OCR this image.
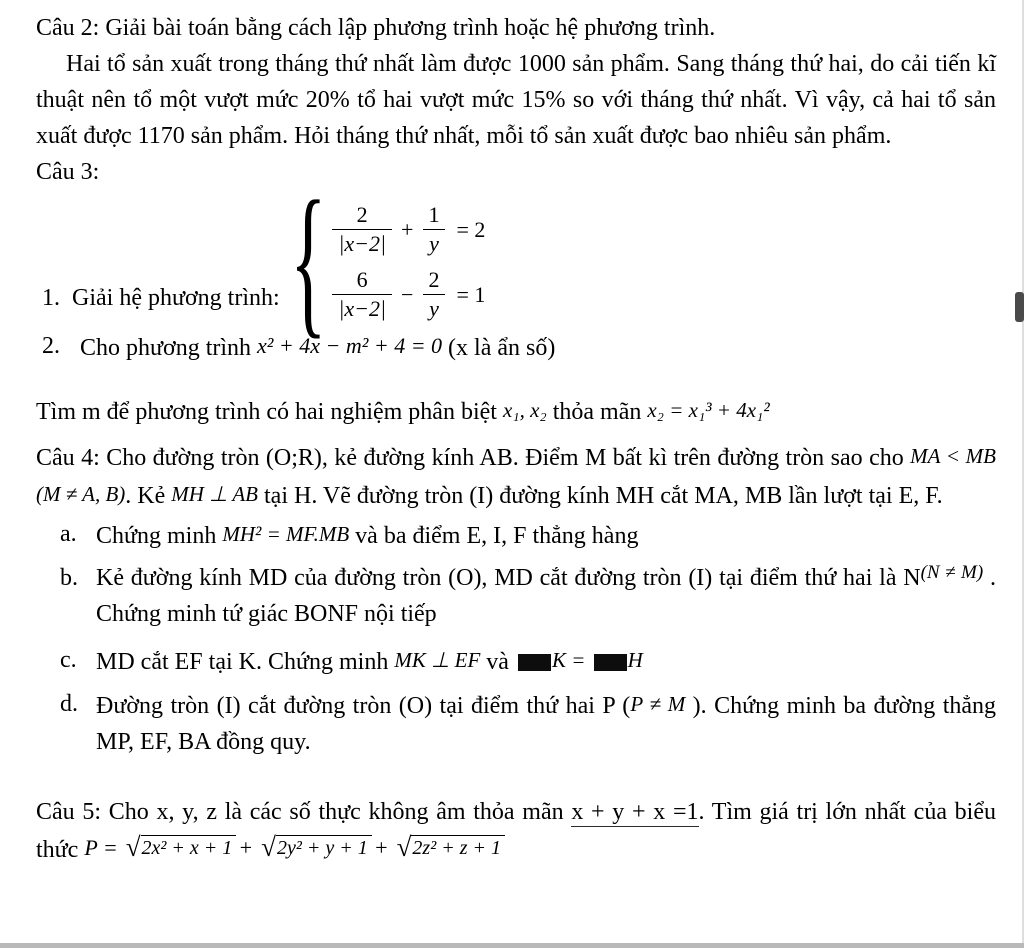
Câu 2: Giải bài toán bằng cách lập phương trình hoặc hệ phương trình.

Hai tổ sản xuất trong tháng thứ nhất làm được 1000 sản phẩm. Sang tháng thứ hai, do cải tiến kĩ thuật nên tổ một vượt mức 20% tổ hai vượt mức 15% so với tháng thứ nhất. Vì vậy, cả hai tổ sản xuất được 1170 sản phẩm. Hỏi tháng thứ nhất, mỗi tổ sản xuất được bao nhiêu sản phẩm.

Câu 3:

1. Giải hệ phương trình: { $\frac{2}{|x-2|} + \frac{1}{y} = 2$
$\frac{6}{|x-2|} - \frac{2}{y} = 1$
2. Cho phương trình x² + 4x − m² + 4 = 0 (x là ẩn số)

Tìm m để phương trình có hai nghiệm phân biệt x₁, x₂ thỏa mãn x₂ = x₁³ + 4x₁²

Câu 4: Cho đường tròn (O;R), kẻ đường kính AB. Điểm M bất kì trên đường tròn sao cho MA < MB (M ≠ A, B). Kẻ MH ⊥ AB tại H. Vẽ đường tròn (I) đường kính MH cắt MA, MB lần lượt tại E, F.

a. Chứng minh MH² = MF.MB và ba điểm E, I, F thẳng hàng
b. Kẻ đường kính MD của đường tròn (O), MD cắt đường tròn (I) tại điểm thứ hai là $N^{(N \ne M)}$ . Chứng minh tứ giác BONF nội tiếp
c. MD cắt EF tại K. Chứng minh MK ⊥ EF và K = H
d. Đường tròn (I) cắt đường tròn (O) tại điểm thứ hai P (P ≠ M ). Chứng minh ba đường thẳng MP, EF, BA đồng quy.

Câu 5: Cho x, y, z là các số thực không âm thỏa mãn x + y + x =1. Tìm giá trị lớn nhất của biểu thức P = √ 2x² + x + 1 + √ 2y² + y + 1 + √ 2z² + z + 1
